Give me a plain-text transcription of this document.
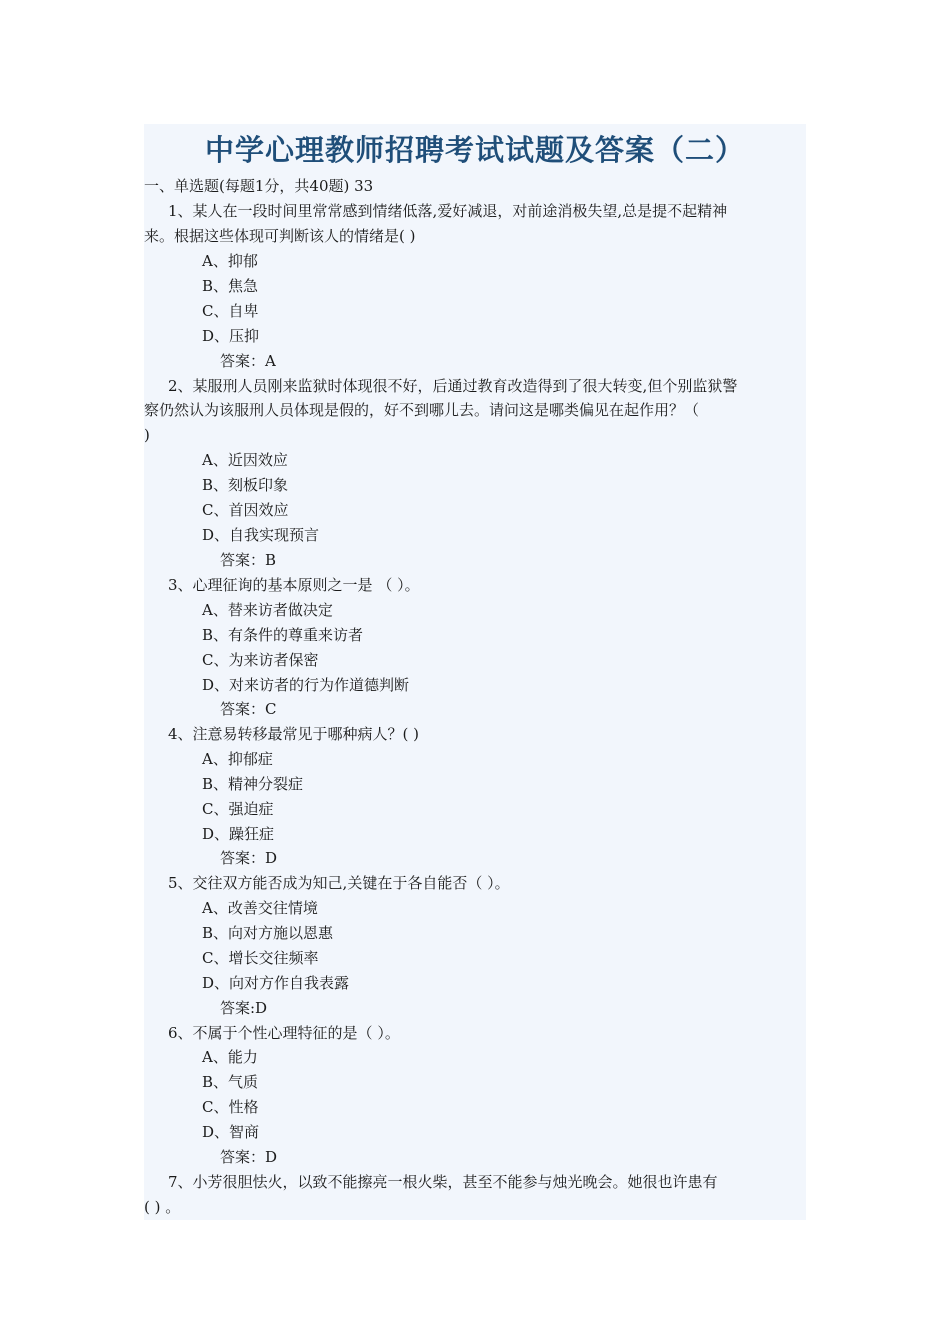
中学心理教师招聘考试试题及答案（二）
一、单选题(每题1分，共40题) 33
1、某人在一段时间里常常感到情绪低落,爱好减退，对前途消极失望,总是提不起精神
来。根据这些体现可判断该人的情绪是( )
A、抑郁
B、焦急
C、自卑
D、压抑
答案：A
2、某服刑人员刚来监狱时体现很不好，后通过教育改造得到了很大转变,但个别监狱警
察仍然认为该服刑人员体现是假的，好不到哪儿去。请问这是哪类偏见在起作用？（
)
A、近因效应
B、刻板印象
C、首因效应
D、自我实现预言
答案：B
3、心理征询的基本原则之一是 （ ）。
A、替来访者做决定
B、有条件的尊重来访者
C、为来访者保密
D、对来访者的行为作道德判断
答案：C
4、注意易转移最常见于哪种病人？( )
A、抑郁症
B、精神分裂症
C、强迫症
D、躁狂症
答案：D
5、交往双方能否成为知己,关键在于各自能否（ ）。
A、改善交往情境
B、向对方施以恩惠
C、增长交往频率
D、向对方作自我表露
答案:D
6、不属于个性心理特征的是（ ）。
A、能力
B、气质
C、性格
D、智商
答案：D
7、小芳很胆怯火，以致不能擦亮一根火柴，甚至不能参与烛光晚会。她很也许患有
( ) 。
